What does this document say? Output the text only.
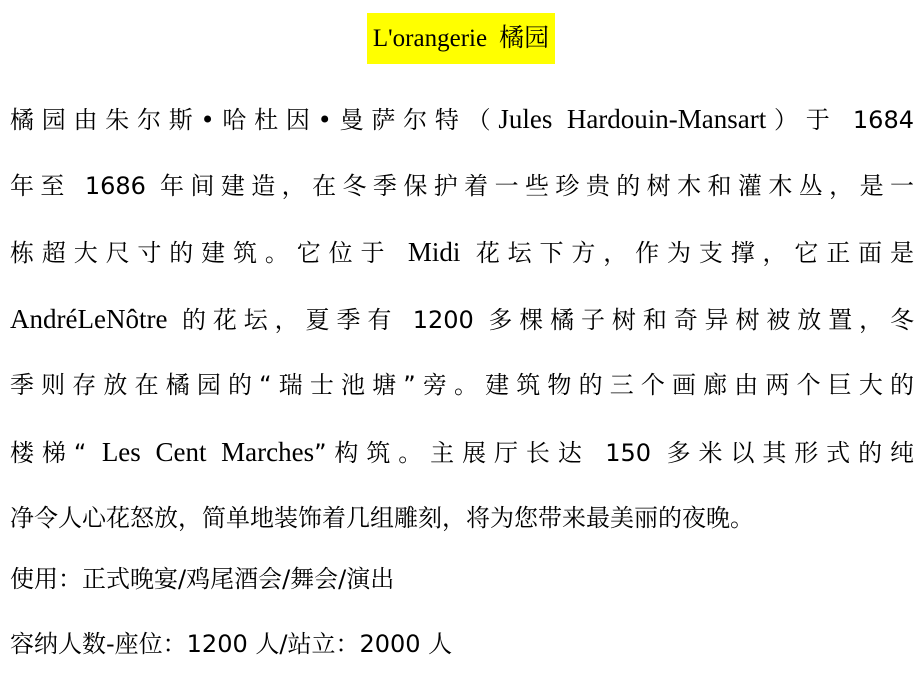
L'orangerie 橘园
橘园由朱尔斯•哈杜因•曼萨尔特（Jules Hardouin-Mansart）于 1684
年至 1686 年间建造，在冬季保护着一些珍贵的树木和灌木丛，是一
栋超大尺寸的建筑。它位于 Midi 花坛下方，作为支撑，它正面是
AndréLeNôtre 的花坛，夏季有 1200 多棵橘子树和奇异树被放置，冬
季则存放在橘园的“瑞士池塘”旁。建筑物的三个画廊由两个巨大的
楼梯“ Les Cent Marches”构筑。主展厅长达 150 多米以其形式的纯
净令人心花怒放，简单地装饰着几组雕刻，将为您带来最美丽的夜晚。
使用：正式晚宴/鸡尾酒会/舞会/演出
容纳人数-座位：1200 人/站立：2000 人
